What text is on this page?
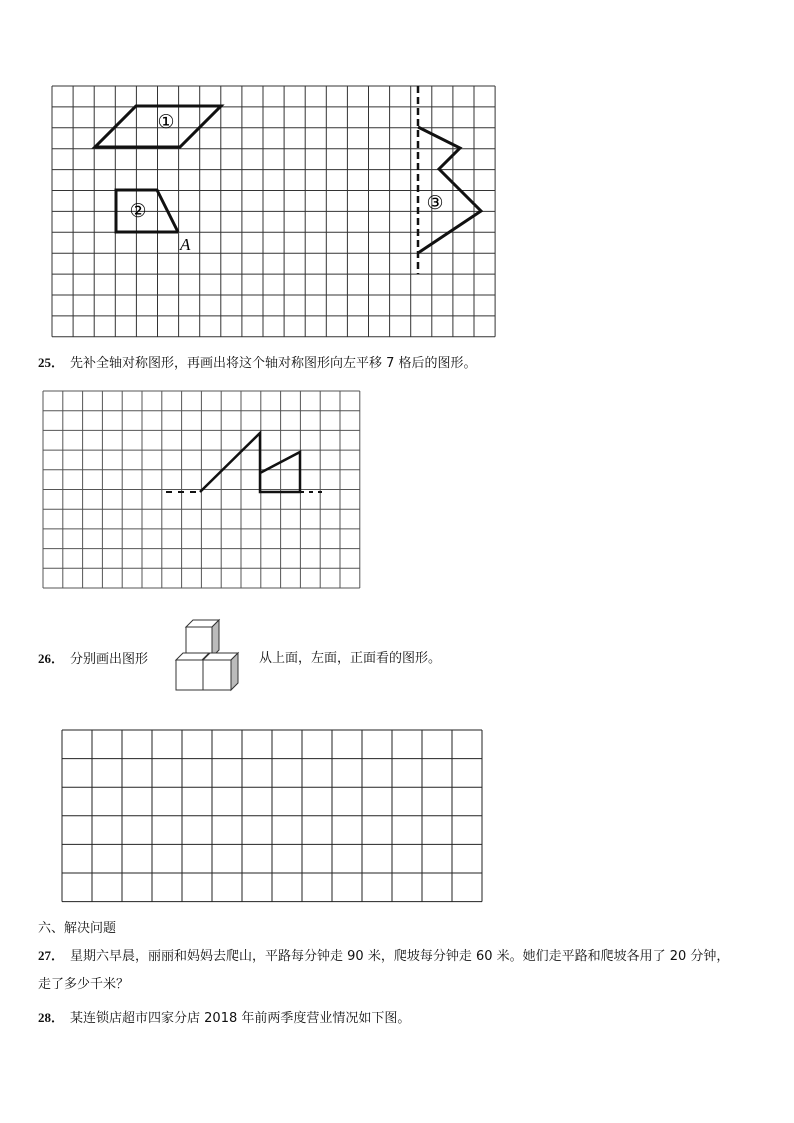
①
②
A
③
25． 先补全轴对称图形，再画出将这个轴对称图形向左平移 7 格后的图形。
26． 分别画出图形	从上面，左面，正面看的图形。
六、解决问题
27． 星期六早晨，丽丽和妈妈去爬山，平路每分钟走 90 米，爬坡每分钟走 60 米。她们走平路和爬坡各用了 20 分钟，
走了多少千米？
28． 某连锁店超市四家分店 2018 年前两季度营业情况如下图。
